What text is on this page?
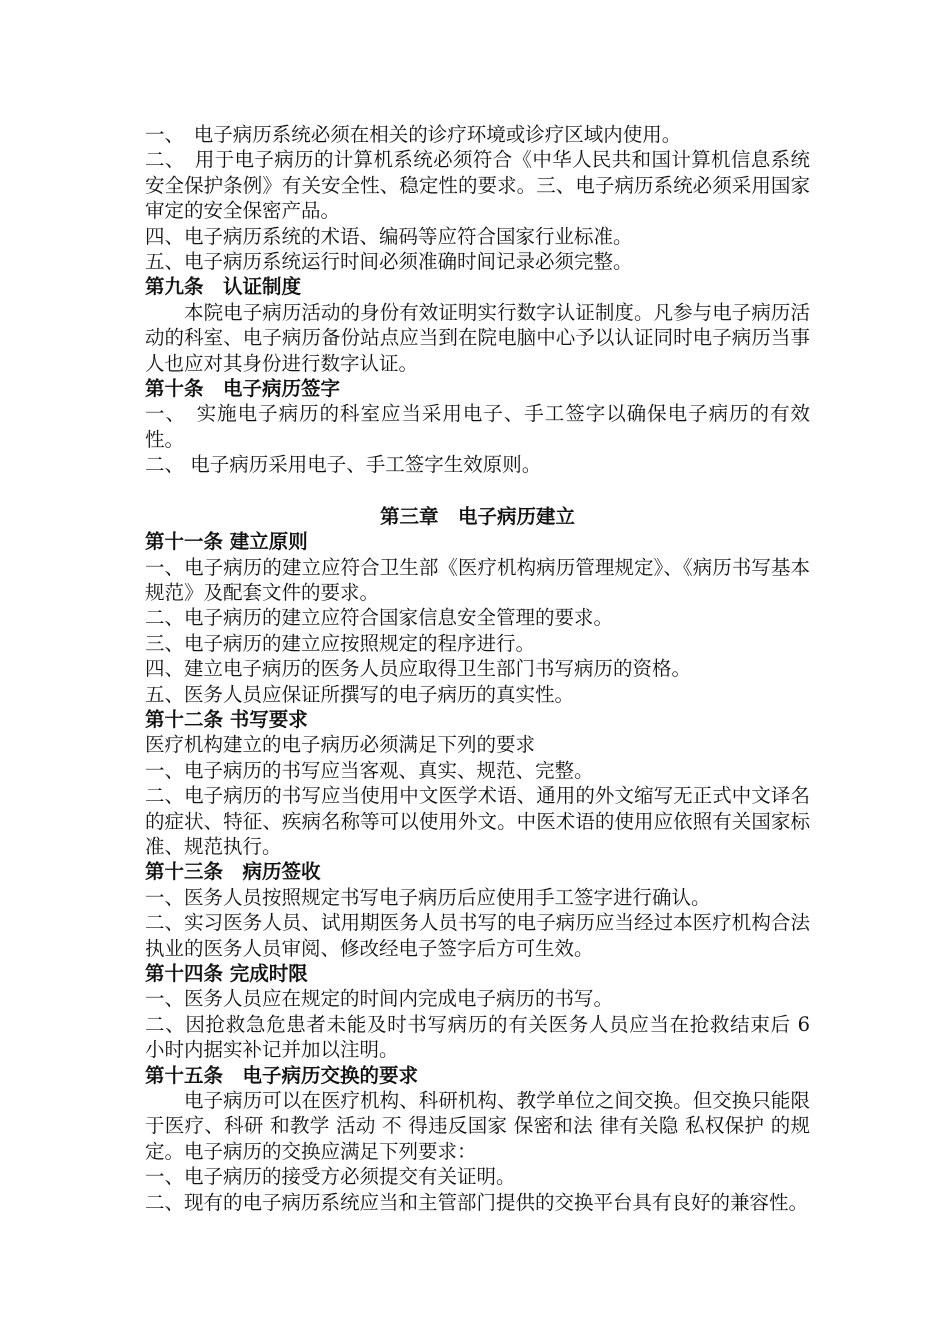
一、　电子病历系统必须在相关的诊疗环境或诊疗区域内使用。
二、　用于电子病历的计算机系统必须符合《中华人民共和国计算机信息系统安全保护条例》有关安全性、稳定性的要求。三、电子病历系统必须采用国家审定的安全保密产品。
四、电子病历系统的术语、编码等应符合国家行业标准。
五、电子病历系统运行时间必须准确时间记录必须完整。
第九条　认证制度
本院电子病历活动的身份有效证明实行数字认证制度。凡参与电子病历活动的科室、电子病历备份站点应当到在院电脑中心予以认证同时电子病历当事人也应对其身份进行数字认证。
第十条　电子病历签字
一、　实施电子病历的科室应当采用电子、手工签字以确保电子病历的有效性。
二、 电子病历采用电子、手工签字生效原则。
第三章　电子病历建立
第十一条 建立原则
一、电子病历的建立应符合卫生部《医疗机构病历管理规定》、《病历书写基本规范》及配套文件的要求。
二、电子病历的建立应符合国家信息安全管理的要求。
三、电子病历的建立应按照规定的程序进行。
四、建立电子病历的医务人员应取得卫生部门书写病历的资格。
五、医务人员应保证所撰写的电子病历的真实性。
第十二条 书写要求
医疗机构建立的电子病历必须满足下列的要求
一、电子病历的书写应当客观、真实、规范、完整。
二、电子病历的书写应当使用中文医学术语、通用的外文缩写无正式中文译名的症状、特征、疾病名称等可以使用外文。中医术语的使用应依照有关国家标准、规范执行。
第十三条　病历签收
一、医务人员按照规定书写电子病历后应使用手工签字进行确认。
二、实习医务人员、试用期医务人员书写的电子病历应当经过本医疗机构合法执业的医务人员审阅、修改经电子签字后方可生效。
第十四条 完成时限
一、医务人员应在规定的时间内完成电子病历的书写。
二、因抢救急危患者未能及时书写病历的有关医务人员应当在抢救结束后 6 小时内据实补记并加以注明。
第十五条　电子病历交换的要求
电子病历可以在医疗机构、科研机构、教学单位之间交换。但交换只能限于医疗、科研 和教学 活动 不 得违反国家 保密和法 律有关隐 私权保护 的规定。电子病历的交换应满足下列要求：
一、电子病历的接受方必须提交有关证明。
二、现有的电子病历系统应当和主管部门提供的交换平台具有良好的兼容性。
